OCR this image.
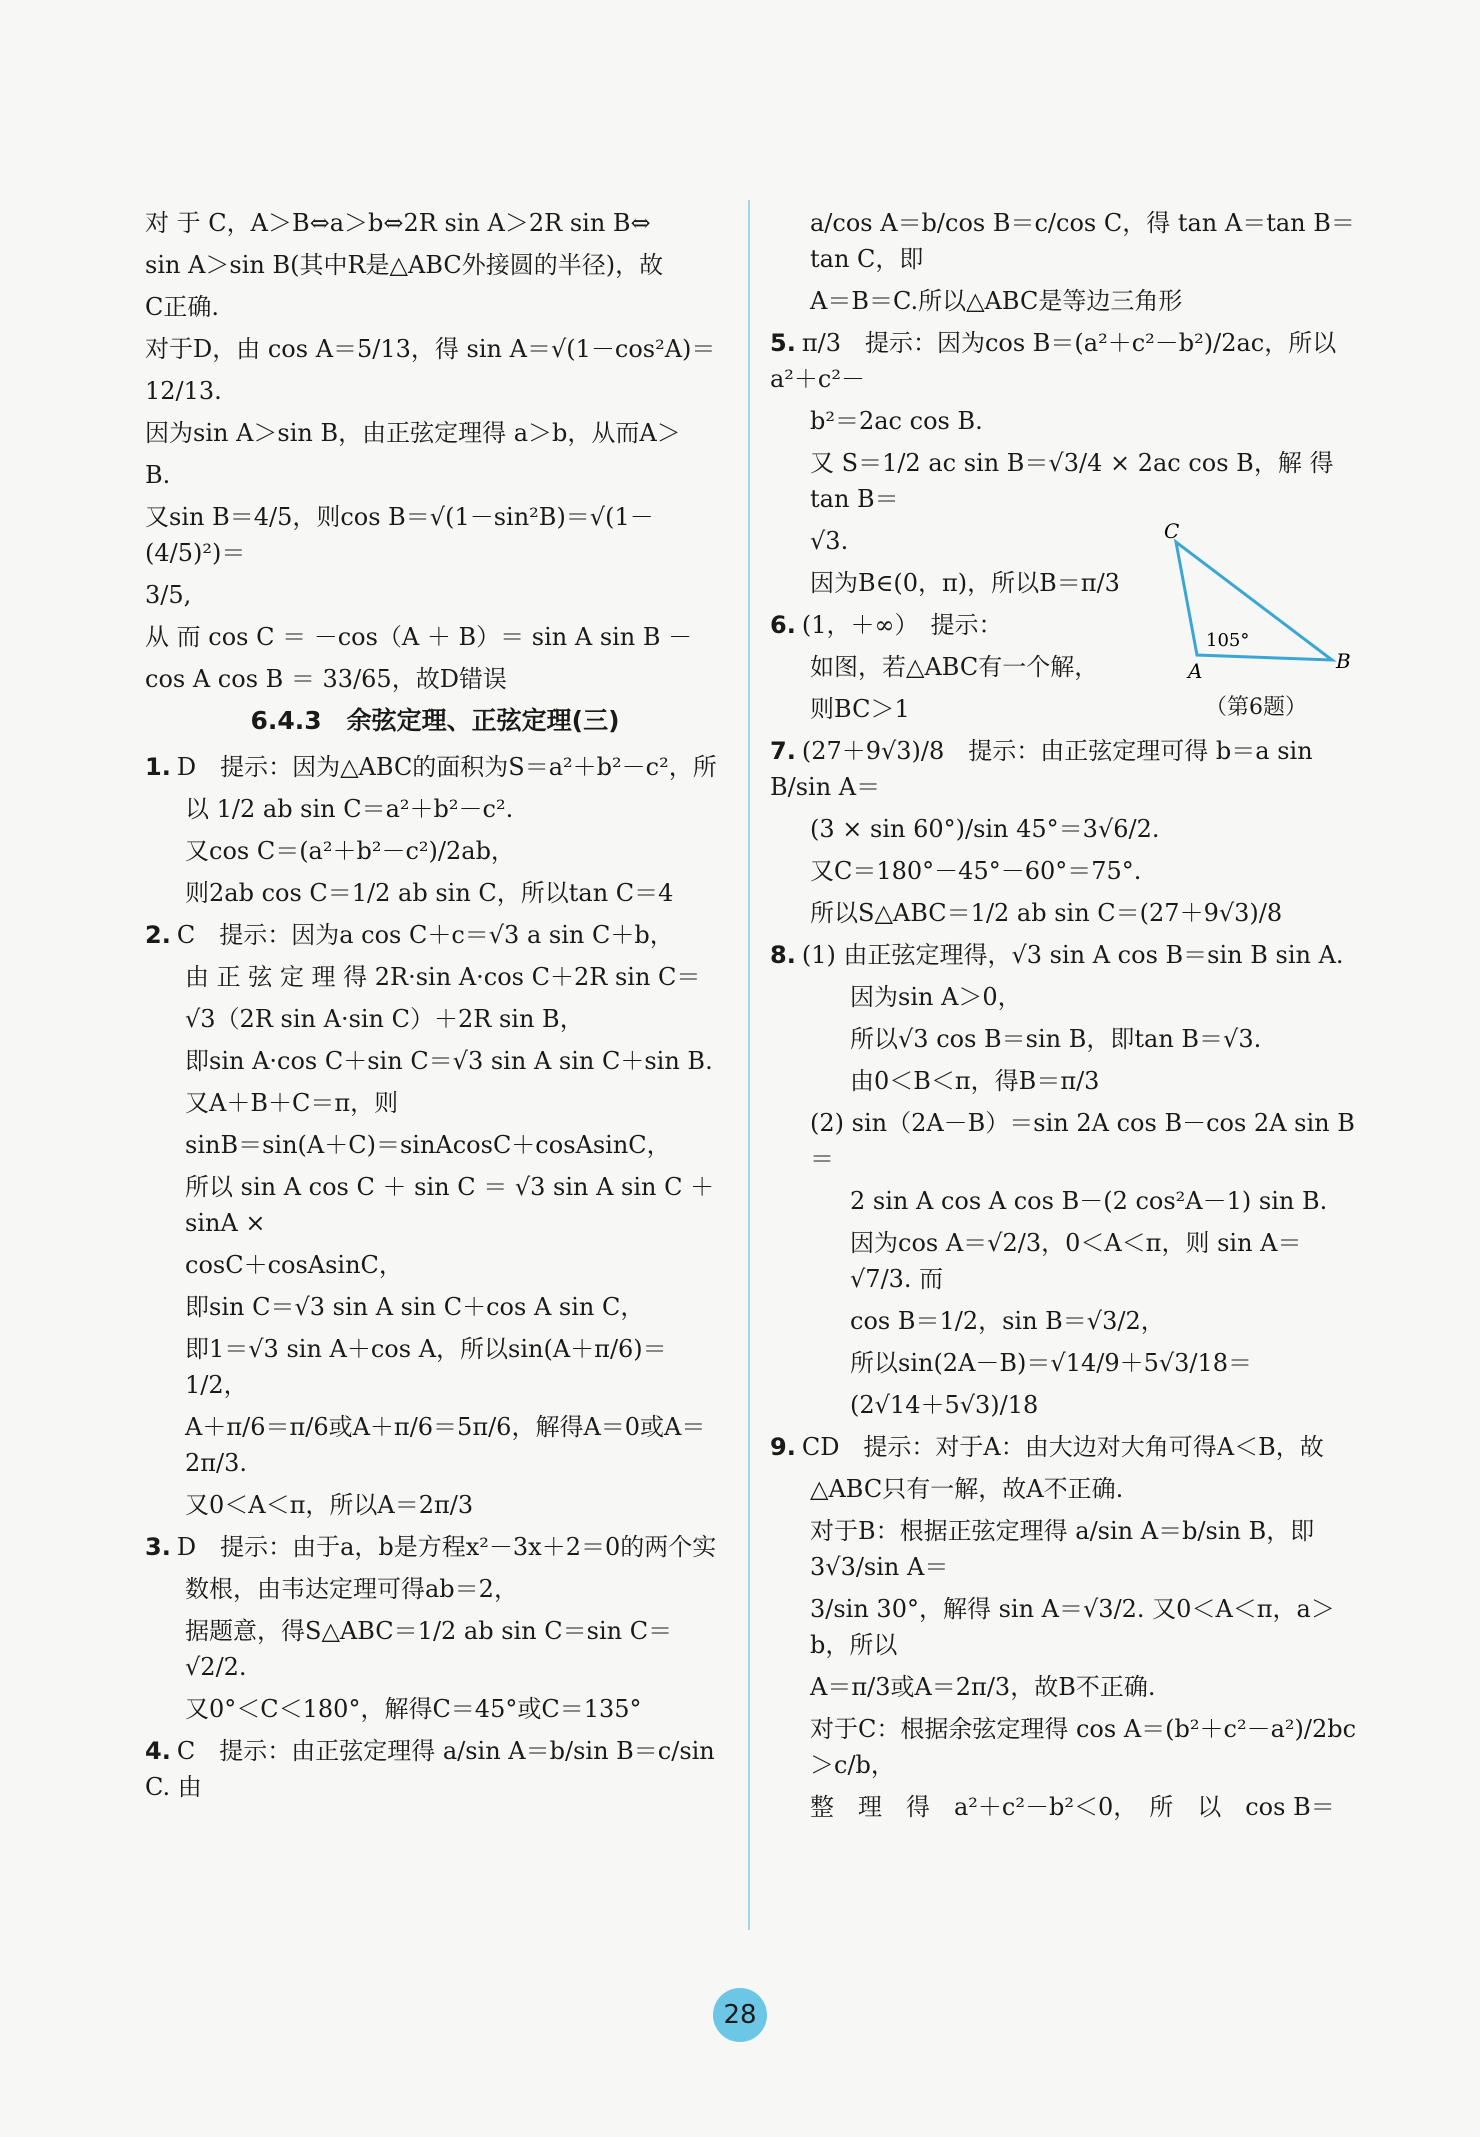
对 于 C，A＞B⇔a＞b⇔2R sin A＞2R sin B⇔
sin A＞sin B(其中R是△ABC外接圆的半径)，故
C正确.
对于D，由 cos A＝5/13，得 sin A＝√(1－cos²A)＝
12/13.
因为sin A＞sin B，由正弦定理得 a＞b，从而A＞
B.
又sin B＝4/5，则cos B＝√(1－sin²B)＝√(1－(4/5)²)＝
3/5,
从 而 cos C ＝ －cos（A ＋ B）＝ sin A sin B －
cos A cos B ＝ 33/65，故D错误
6.4.3　余弦定理、正弦定理(三)
1. D　提示：因为△ABC的面积为S＝a²＋b²－c²，所
以 1/2 ab sin C＝a²＋b²－c².
又cos C＝(a²＋b²－c²)/2ab，
则2ab cos C＝1/2 ab sin C，所以tan C＝4
2. C　提示：因为a cos C＋c＝√3 a sin C＋b，
由 正 弦 定 理 得 2R·sin A·cos C＋2R sin C＝
√3（2R sin A·sin C）＋2R sin B，
即sin A·cos C＋sin C＝√3 sin A sin C＋sin B.
又A＋B＋C＝π，则
sinB＝sin(A＋C)＝sinAcosC＋cosAsinC，
所以 sin A cos C ＋ sin C ＝ √3 sin A sin C ＋ sinA ×
cosC＋cosAsinC，
即sin C＝√3 sin A sin C＋cos A sin C，
即1＝√3 sin A＋cos A，所以sin(A＋π/6)＝1/2，
A＋π/6＝π/6或A＋π/6＝5π/6，解得A＝0或A＝2π/3.
又0＜A＜π，所以A＝2π/3
3. D　提示：由于a，b是方程x²－3x＋2＝0的两个实
数根，由韦达定理可得ab＝2，
据题意，得S△ABC＝1/2 ab sin C＝sin C＝√2/2.
又0°＜C＜180°，解得C＝45°或C＝135°
4. C　提示：由正弦定理得 a/sin A＝b/sin B＝c/sin C. 由
a/cos A＝b/cos B＝c/cos C，得 tan A＝tan B＝tan C，即
A＝B＝C.所以△ABC是等边三角形
5. π/3　提示：因为cos B＝(a²＋c²－b²)/2ac，所以a²＋c²－
b²＝2ac cos B.
又 S＝1/2 ac sin B＝√3/4 × 2ac cos B，解 得 tan B＝
√3.
因为B∈(0，π)，所以B＝π/3
6. (1，＋∞）　提示：
如图，若△ABC有一个解，
则BC＞1
7. (27＋9√3)/8　提示：由正弦定理可得 b＝a sin B/sin A＝
(3 × sin 60°)/sin 45°＝3√6/2.
又C＝180°－45°－60°＝75°.
所以S△ABC＝1/2 ab sin C＝(27＋9√3)/8
8. (1) 由正弦定理得，√3 sin A cos B＝sin B sin A.
因为sin A＞0，
所以√3 cos B＝sin B，即tan B＝√3.
由0＜B＜π，得B＝π/3
(2) sin（2A－B）＝sin 2A cos B－cos 2A sin B＝
2 sin A cos A cos B－(2 cos²A－1) sin B.
因为cos A＝√2/3，0＜A＜π，则 sin A＝√7/3. 而
cos B＝1/2，sin B＝√3/2，
所以sin(2A－B)＝√14/9＋5√3/18＝
(2√14＋5√3)/18
9. CD　提示：对于A：由大边对大角可得A＜B，故
△ABC只有一解，故A不正确.
对于B：根据正弦定理得 a/sin A＝b/sin B，即 3√3/sin A＝
3/sin 30°，解得 sin A＝√3/2. 又0＜A＜π，a＞b，所以
A＝π/3或A＝2π/3，故B不正确.
对于C：根据余弦定理得 cos A＝(b²＋c²－a²)/2bc＞c/b，
整　理　得　a²＋c²－b²＜0，　所　以　cos B＝
C
A	B
105°
（第6题）
28
